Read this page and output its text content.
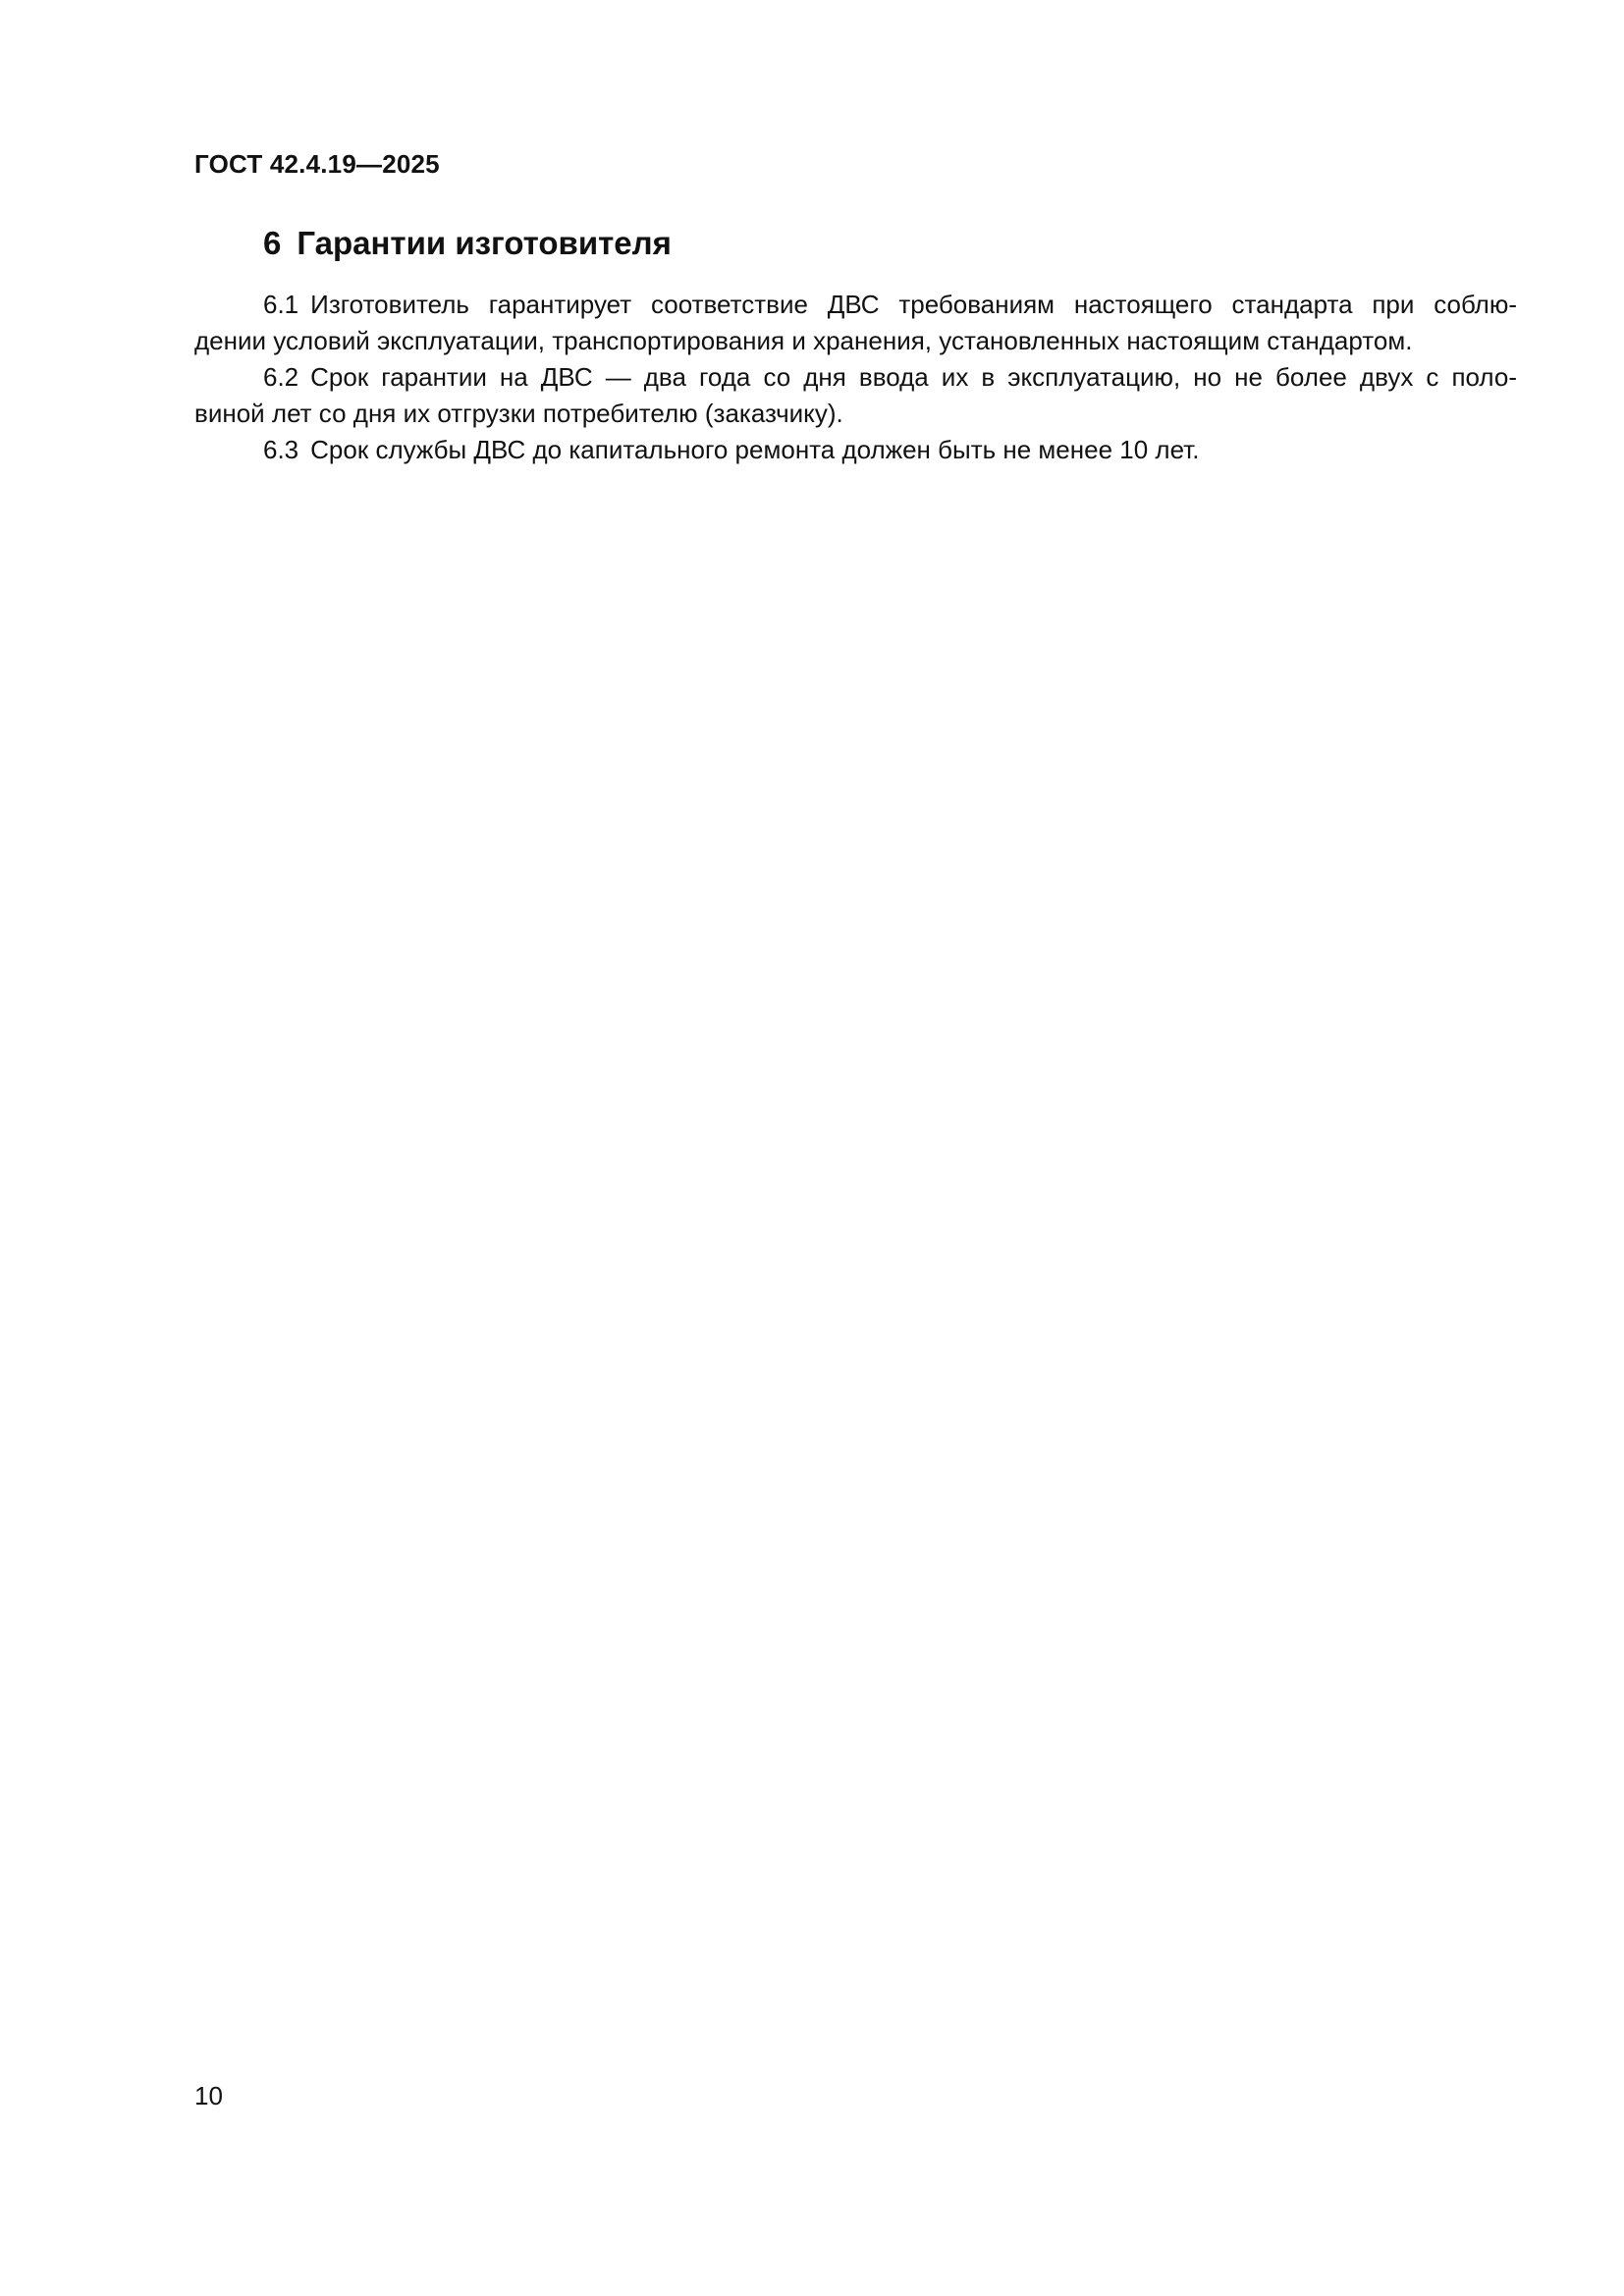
ГОСТ 42.4.19—2025
6 Гарантии изготовителя
6.1 Изготовитель гарантирует соответствие ДВС требованиям настоящего стандарта при соблю-
дении условий эксплуатации, транспортирования и хранения, установленных настоящим стандартом.
6.2 Срок гарантии на ДВС — два года со дня ввода их в эксплуатацию, но не более двух с поло-
виной лет со дня их отгрузки потребителю (заказчику).
6.3 Срок службы ДВС до капитального ремонта должен быть не менее 10 лет.
10
